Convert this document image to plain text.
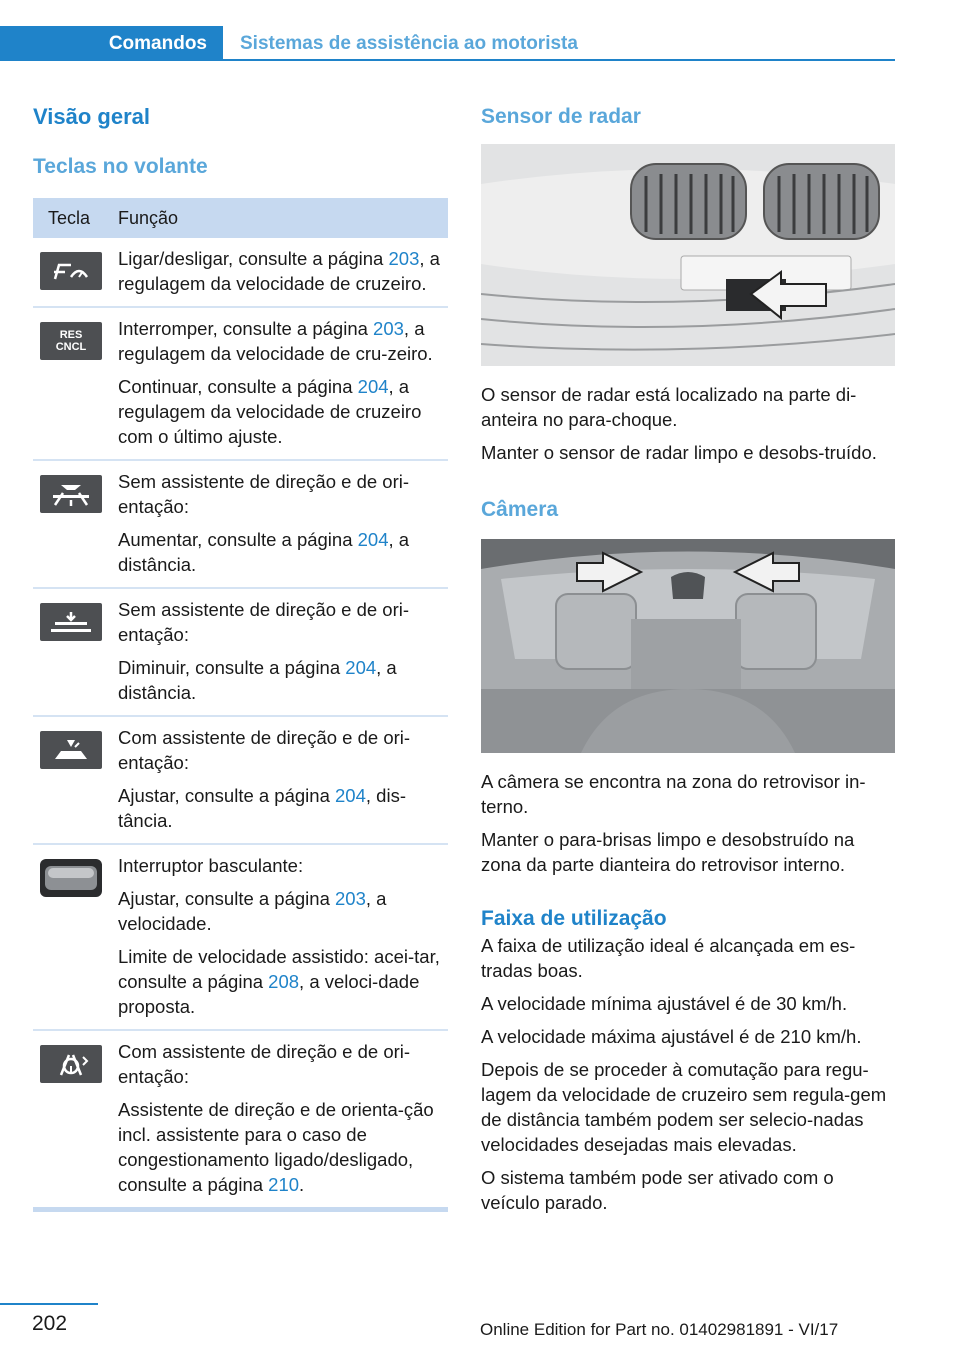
Comandos Sistemas de assistência ao motorista
Visão geral
Teclas no volante
Tecla	Função

Ligar/desligar, consulte a página 203, a regulagem da velocidade de cruzeiro.

RES
CNCL

Interromper, consulte a página 203, a regulagem da velocidade de cru-zeiro.

Continuar, consulte a página 204, a regulagem da velocidade de cruzeiro com o último ajuste.

Sem assistente de direção e de ori-entação:

Aumentar, consulte a página 204, a distância.

Sem assistente de direção e de ori-entação:

Diminuir, consulte a página 204, a distância.

Com assistente de direção e de ori-entação:

Ajustar, consulte a página 204, dis-tância.

Interruptor basculante:

Ajustar, consulte a página 203, a velocidade.

Limite de velocidade assistido: acei-tar, consulte a página 208, a veloci-dade proposta.

Com assistente de direção e de ori-entação:

Assistente de direção e de orienta-ção incl. assistente para o caso de congestionamento ligado/desligado, consulte a página 210.

Sensor de radar

O sensor de radar está localizado na parte di-anteira no para-choque.

Manter o sensor de radar limpo e desobs-truído.

Câmera

A câmera se encontra na zona do retrovisor in-terno.

Manter o para-brisas limpo e desobstruído na zona da parte dianteira do retrovisor interno.

Faixa de utilização

A faixa de utilização ideal é alcançada em es-tradas boas.

A velocidade mínima ajustável é de 30 km/h.

A velocidade máxima ajustável é de 210 km/h.

Depois de se proceder à comutação para regu-lagem da velocidade de cruzeiro sem regula-gem de distância também podem ser selecio-nadas velocidades desejadas mais elevadas.

O sistema também pode ser ativado com o veículo parado.

202	Online Edition for Part no. 01402981891 - VI/17
